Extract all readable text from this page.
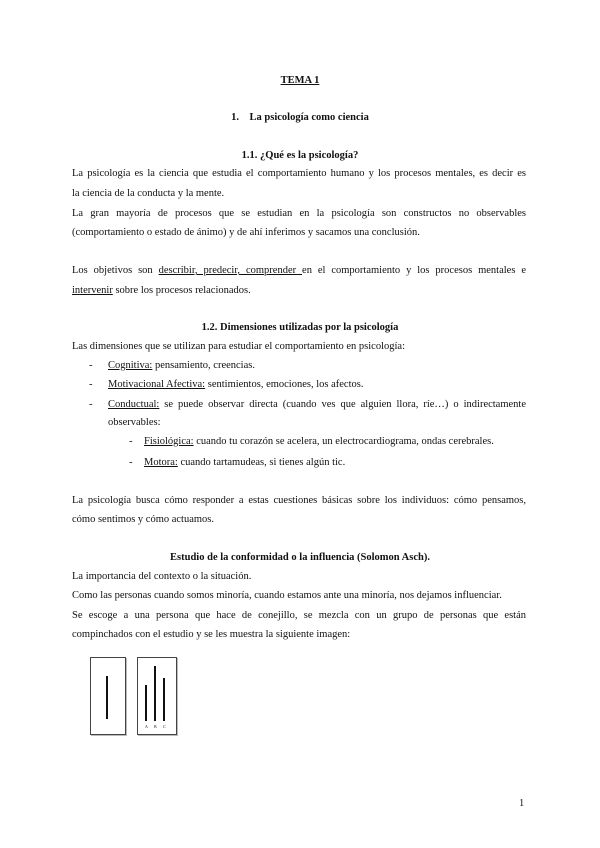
TEMA 1
1. La psicología como ciencia
1.1. ¿Qué es la psicología?
La psicología es la ciencia que estudia el comportamiento humano y los procesos mentales, es decir es
la ciencia de la conducta y la mente.
La gran mayoría de procesos que se estudian en la psicología son constructos no observables
(comportamiento o estado de ánimo) y de ahí inferimos y sacamos una conclusión.
Los objetivos son describir, predecir, comprender en el comportamiento y los procesos mentales e
intervenir sobre los procesos relacionados.
1.2. Dimensiones utilizadas por la psicología
Las dimensiones que se utilizan para estudiar el comportamiento en psicología:
- Cognitiva: pensamiento, creencias.
- Motivacional Afectiva: sentimientos, emociones, los afectos.
- Conductual: se puede observar directa (cuando ves que alguien llora, ríe…) o indirectamente
observables:
- Fisiológica: cuando tu corazón se acelera, un electrocardiograma, ondas cerebrales.
- Motora: cuando tartamudeas, si tienes algún tic.
La psicología busca cómo responder a estas cuestiones básicas sobre los individuos: cómo pensamos,
cómo sentimos y cómo actuamos.
Estudio de la conformidad o la influencia (Solomon Asch).
La importancia del contexto o la situación.
Como las personas cuando somos minoría, cuando estamos ante una minoría, nos dejamos influenciar.
Se escoge a una persona que hace de conejillo, se mezcla con un grupo de personas que están
compinchados con el estudio y se les muestra la siguiente imagen:
A B C
1
